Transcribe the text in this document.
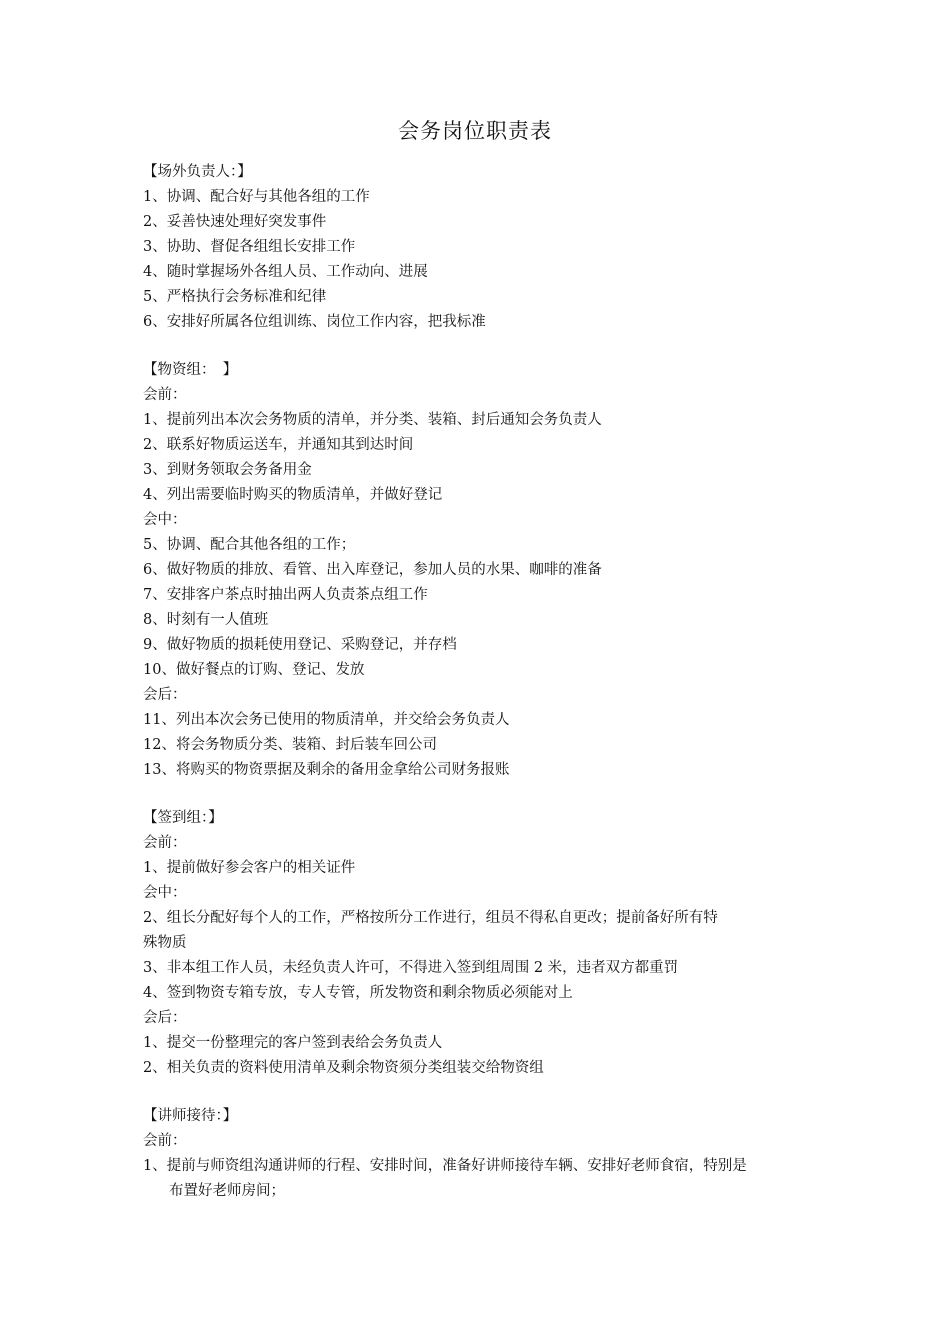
会务岗位职责表
【场外负责人：】
1、协调、配合好与其他各组的工作
2、妥善快速处理好突发事件
3、协助、督促各组组长安排工作
4、随时掌握场外各组人员、工作动向、进展
5、严格执行会务标准和纪律
6、安排好所属各位组训练、岗位工作内容，把我标准
【物资组：　】
会前：
1、提前列出本次会务物质的清单，并分类、装箱、封后通知会务负责人
2、联系好物质运送车，并通知其到达时间
3、到财务领取会务备用金
4、列出需要临时购买的物质清单，并做好登记
会中：
5、协调、配合其他各组的工作；
6、做好物质的排放、看管、出入库登记，参加人员的水果、咖啡的准备
7、安排客户茶点时抽出两人负责茶点组工作
8、时刻有一人值班
9、做好物质的损耗使用登记、采购登记，并存档
10、做好餐点的订购、登记、发放
会后：
11、列出本次会务已使用的物质清单，并交给会务负责人
12、将会务物质分类、装箱、封后装车回公司
13、将购买的物资票据及剩余的备用金拿给公司财务报账
【签到组：】
会前：
1、提前做好参会客户的相关证件
会中：
2、组长分配好每个人的工作，严格按所分工作进行，组员不得私自更改；提前备好所有特
殊物质
3、非本组工作人员，未经负责人许可，不得进入签到组周围 2 米，违者双方都重罚
4、签到物资专箱专放，专人专管，所发物资和剩余物质必须能对上
会后：
1、提交一份整理完的客户签到表给会务负责人
2、相关负责的资料使用清单及剩余物资须分类组装交给物资组
【讲师接待：】
会前：
1、提前与师资组沟通讲师的行程、安排时间，准备好讲师接待车辆、安排好老师食宿，特别是
布置好老师房间；
